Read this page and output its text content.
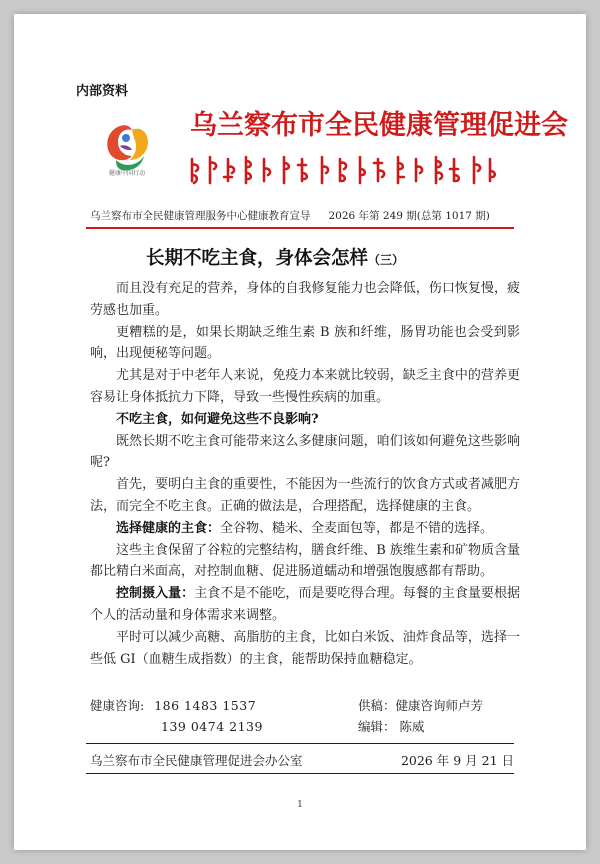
内部资料
健康中国行动
乌兰察布市全民健康管理促进会
乌兰察布市全民健康管理服务中心健康教育宣导 2026 年第 249 期(总第 1017 期)
长期不吃主食，身体会怎样（三）

而且没有充足的营养，身体的自我修复能力也会降低，伤口恢复慢，疲劳感也加重。

更糟糕的是，如果长期缺乏维生素 B 族和纤维，肠胃功能也会受到影响，出现便秘等问题。

尤其是对于中老年人来说，免疫力本来就比较弱，缺乏主食中的营养更容易让身体抵抗力下降，导致一些慢性疾病的加重。

不吃主食，如何避免这些不良影响?

既然长期不吃主食可能带来这么多健康问题，咱们该如何避免这些影响呢?

首先，要明白主食的重要性，不能因为一些流行的饮食方式或者减肥方法，而完全不吃主食。正确的做法是，合理搭配，选择健康的主食。

选择健康的主食：全谷物、糙米、全麦面包等，都是不错的选择。

这些主食保留了谷粒的完整结构，膳食纤维、B 族维生素和矿物质含量都比精白米面高，对控制血糖、促进肠道蠕动和增强饱腹感都有帮助。

控制摄入量：主食不是不能吃，而是要吃得合理。每餐的主食量要根据个人的活动量和身体需求来调整。

平时可以减少高糖、高脂肪的主食，比如白米饭、油炸食品等，选择一些低 GI（血糖生成指数）的主食，能帮助保持血糖稳定。

健康咨询: 186 1483 1537
139 0474 2139
供稿：健康咨询师卢芳
编辑： 陈威
乌兰察布市全民健康管理促进会办公室	2026 年 9 月 21 日
1
